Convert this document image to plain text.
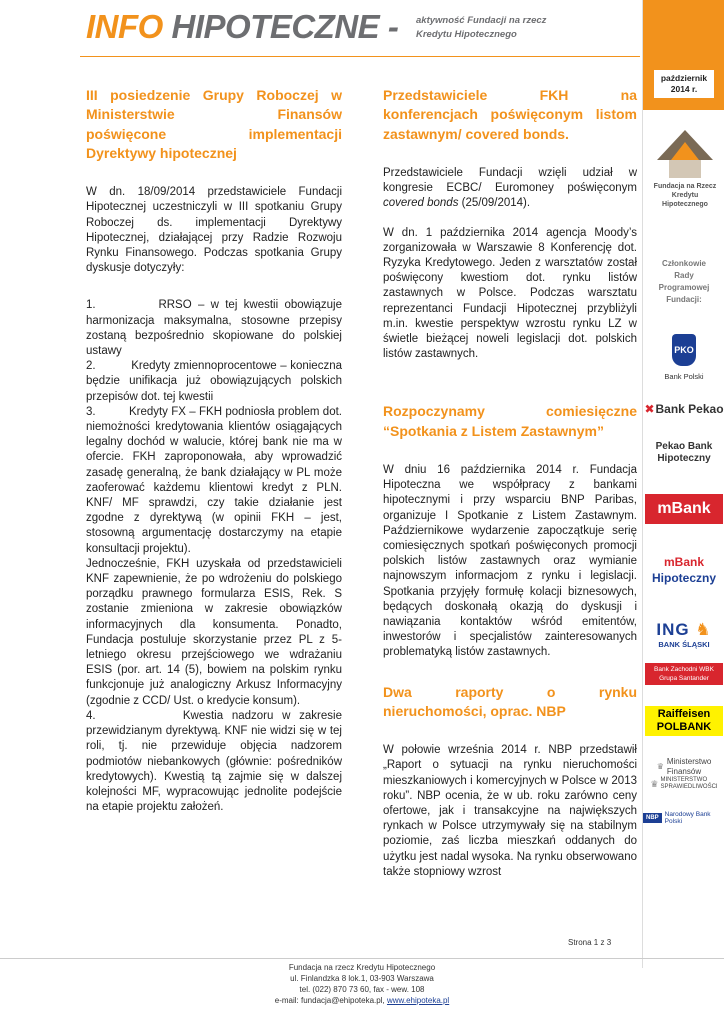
INFO HIPOTECZNE - aktywność Fundacji na rzecz
Kredytu Hipotecznego
październik
2014 r.
Fundacja na Rzecz
Kredytu Hipotecznego
Członkowie
Rady
Programowej
Fundacji:
PKO
Bank Polski
✖ Bank Pekao
Pekao Bank
Hipoteczny
mBank
mBank
Hipoteczny
ING ♞
BANK ŚLĄSKI
Bank Zachodni WBK
Grupa Santander
Raiffeisen
POLBANK
♛
Ministerstwo
Finansów
♛ MINISTERSTWO
SPRAWIEDLIWOŚCI
NBP Narodowy Bank Polski
III posiedzenie Grupy Roboczej w
Ministerstwie Finansów
poświęcone implementacji
Dyrektywy hipotecznej

W dn. 18/09/2014 przedstawiciele Fundacji Hipotecznej uczestniczyli w III spotkaniu Grupy Roboczej ds. implementacji Dyrektywy Hipotecznej, działającej przy Radzie Rozwoju Rynku Finansowego. Podczas spotkania Grupy dyskusje dotyczyły:

1.          RRSO – w tej kwestii obowiązuje harmonizacja maksymalna, stosowne przepisy zostaną bezpośrednio skopiowane do polskiej ustawy

2.          Kredyty zmiennoprocentowe – konieczna będzie unifikacja już obowiązujących polskich przepisów dot. tej kwestii

3.          Kredyty FX – FKH podniosła problem dot. niemożności kredytowania klientów osiągających legalny dochód w walucie, której bank nie ma w ofercie. FKH zaproponowała, aby wprowadzić zasadę generalną, że bank działający w PL może zaoferować każdemu klientowi kredyt z PLN. KNF/ MF sprawdzi, czy takie działanie jest zgodne z dyrektywą (w opinii FKH – jest, stosowną argumentację dostarczymy na etapie konsultacji projektu).

Jednocześnie, FKH uzyskała od przedstawicieli KNF zapewnienie, że po wdrożeniu do polskiego porządku prawnego formularza ESIS, Rek. S zostanie zmieniona w zakresie obowiązków informacyjnych dla konsumenta. Ponadto, Fundacja postuluje skorzystanie przez PL z 5-letniego okresu przejściowego we wdrażaniu ESIS (por. art. 14 (5), bowiem na polskim rynku funkcjonuje już analogiczny Arkusz Informacyjny (zgodnie z CCD/ Ust. o kredycie konsum).

4.          Kwestia nadzoru w zakresie przewidzianym dyrektywą. KNF nie widzi się w tej roli, tj. nie przewiduje objęcia nadzorem podmiotów niebankowych (głównie: pośredników kredytowych). Kwestią tą zajmie się w dalszej kolejności MF, wypracowując jednolite podejście na etapie projektu założeń.

Przedstawiciele FKH na
konferencjach poświęconym listom
zastawnym/ covered bonds.

Przedstawiciele Fundacji wzięli udział w kongresie ECBC/ Euromoney poświęconym covered bonds (25/09/2014).

W dn. 1 października 2014 agencja Moody’s zorganizowała w Warszawie 8 Konferencję dot. Ryzyka Kredytowego. Jeden z warsztatów został poświęcony kwestiom dot. rynku listów zastawnych w Polsce. Podczas warsztatu reprezentanci Fundacji Hipotecznej przybliżyli m.in. kwestie perspektyw wzrostu rynku LZ w świetle bieżącej noweli legislacji dot. polskich listów zastawnych.

Rozpoczynamy comiesięczne
“Spotkania z Listem Zastawnym”

W dniu 16 października 2014 r. Fundacja Hipoteczna we współpracy z bankami hipotecznymi i przy wsparciu BNP Paribas, organizuje I Spotkanie z Listem Zastawnym. Październikowe wydarzenie zapoczątkuje serię comiesięcznych spotkań poświęconych promocji polskich listów zastawnych oraz wymianie najnowszym informacjom z rynku i legislacji. Spotkania przyjęły formułę kolacji biznesowych, będących doskonałą okazją do dyskusji i nawiązania kontaktów wśród emitentów, inwestorów i specjalistów zainteresowanych problematyką listów zastawnych.

Dwa raporty o rynku
nieruchomości, oprac. NBP

W połowie września 2014 r. NBP przedstawił „Raport o sytuacji na rynku nieruchomości mieszkaniowych i komercyjnych w Polsce w 2013 roku”. NBP ocenia, że w ub. roku zarówno ceny ofertowe, jak i transakcyjne na największych rynkach w Polsce utrzymywały się na stabilnym poziomie, zaś liczba mieszkań oddanych do użytku jest nadal wysoka. Na rynku obserwowano także stopniowy wzrost

Strona 1 z 3
Fundacja na rzecz Kredytu Hipotecznego
ul. Finlandzka 8 lok.1, 03-903 Warszawa
tel. (022) 870 73 60, fax - wew. 108
e-mail: fundacja@ehipoteka.pl, www.ehipoteka.pl
